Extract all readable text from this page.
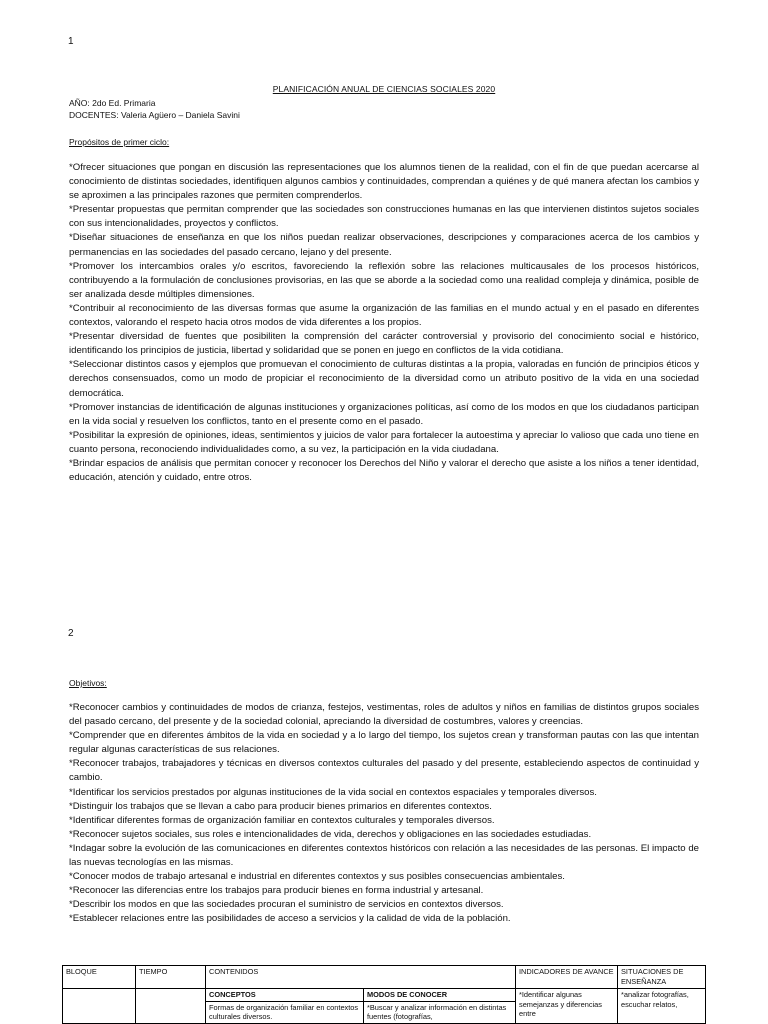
1
PLANIFICACIÓN ANUAL DE CIENCIAS SOCIALES 2020
AÑO: 2do Ed. Primaria
DOCENTES: Valeria Agüero – Daniela Savini
Propósitos de primer ciclo:

*Ofrecer situaciones que pongan en discusión las representaciones que los alumnos tienen de la realidad, con el fin de que puedan acercarse al conocimiento de distintas sociedades, identifiquen algunos cambios y continuidades, comprendan a quiénes y de qué manera afectan los cambios y se aproximen a las principales razones que permiten comprenderlos.

*Presentar propuestas que permitan comprender que las sociedades son construcciones humanas en las que intervienen distintos sujetos sociales con sus intencionalidades, proyectos y conflictos.

*Diseñar situaciones de enseñanza en que los niños puedan realizar observaciones, descripciones y comparaciones acerca de los cambios y permanencias en las sociedades del pasado cercano, lejano y del presente.

*Promover los intercambios orales y/o escritos, favoreciendo la reflexión sobre las relaciones multicausales de los procesos históricos, contribuyendo a la formulación de conclusiones provisorias, en las que se aborde a la sociedad como una realidad compleja y dinámica, posible de ser analizada desde múltiples dimensiones.

*Contribuir al reconocimiento de las diversas formas que asume la organización de las familias en el mundo actual y en el pasado en diferentes contextos, valorando el respeto hacia otros modos de vida diferentes a los propios.

*Presentar diversidad de fuentes que posibiliten la comprensión del carácter controversial y provisorio del conocimiento social e histórico, identificando los principios de justicia, libertad y solidaridad que se ponen en juego en conflictos de la vida cotidiana.

*Seleccionar distintos casos y ejemplos que promuevan el conocimiento de culturas distintas a la propia, valoradas en función de principios éticos y derechos consensuados, como un modo de propiciar el reconocimiento de la diversidad como un atributo positivo de la vida en una sociedad democrática.

*Promover instancias de identificación de algunas instituciones y organizaciones políticas, así como de los modos en que los ciudadanos participan en la vida social y resuelven los conflictos, tanto en el presente como en el pasado.

*Posibilitar la expresión de opiniones, ideas, sentimientos y juicios de valor para fortalecer la autoestima y apreciar lo valioso que cada uno tiene en cuanto persona, reconociendo individualidades como, a su vez, la participación en la vida ciudadana.

*Brindar espacios de análisis que permitan conocer y reconocer los Derechos del Niño y valorar el derecho que asiste a los niños a tener identidad, educación, atención y cuidado, entre otros.

2
Objetivos:

*Reconocer cambios y continuidades de modos de crianza, festejos, vestimentas, roles de adultos y niños en familias de distintos grupos sociales del pasado cercano, del presente y de la sociedad colonial, apreciando la diversidad de costumbres, valores y creencias.

*Comprender que en diferentes ámbitos de la vida en sociedad y a lo largo del tiempo, los sujetos crean y transforman pautas con las que intentan regular algunas características de sus relaciones.

*Reconocer trabajos, trabajadores y técnicas en diversos contextos culturales del pasado y del presente, estableciendo aspectos de continuidad y cambio.

*Identificar los servicios prestados por algunas instituciones de la vida social en contextos espaciales y temporales diversos.

*Distinguir los trabajos que se llevan a cabo para producir bienes primarios en diferentes contextos.

*Identificar diferentes formas de organización familiar en contextos culturales y temporales diversos.

*Reconocer sujetos sociales, sus roles e intencionalidades de vida, derechos y obligaciones en las sociedades estudiadas.

*Indagar sobre la evolución de las comunicaciones en diferentes contextos históricos con relación a las necesidades de las personas. El impacto de las nuevas tecnologías en las mismas.

*Conocer modos de trabajo artesanal e industrial en diferentes contextos y sus posibles consecuencias ambientales.

*Reconocer las diferencias entre los trabajos para producir bienes en forma industrial y artesanal.

*Describir los modos en que las sociedades procuran el suministro de servicios en contextos diversos.

*Establecer relaciones entre las posibilidades de acceso a servicios y la calidad de vida de la población.

BLOQUE	TIEMPO	CONTENIDOS		INDICADORES DE AVANCE	SITUACIONES DE ENSEÑANZA
		CONCEPTOS	MODOS DE CONOCER	*Identificar algunas semejanzas y diferencias entre	*analizar fotografías, escuchar relatos,
		Formas de organización familiar en contextos culturales diversos.	*Buscar y analizar información en distintas fuentes (fotografías,		
